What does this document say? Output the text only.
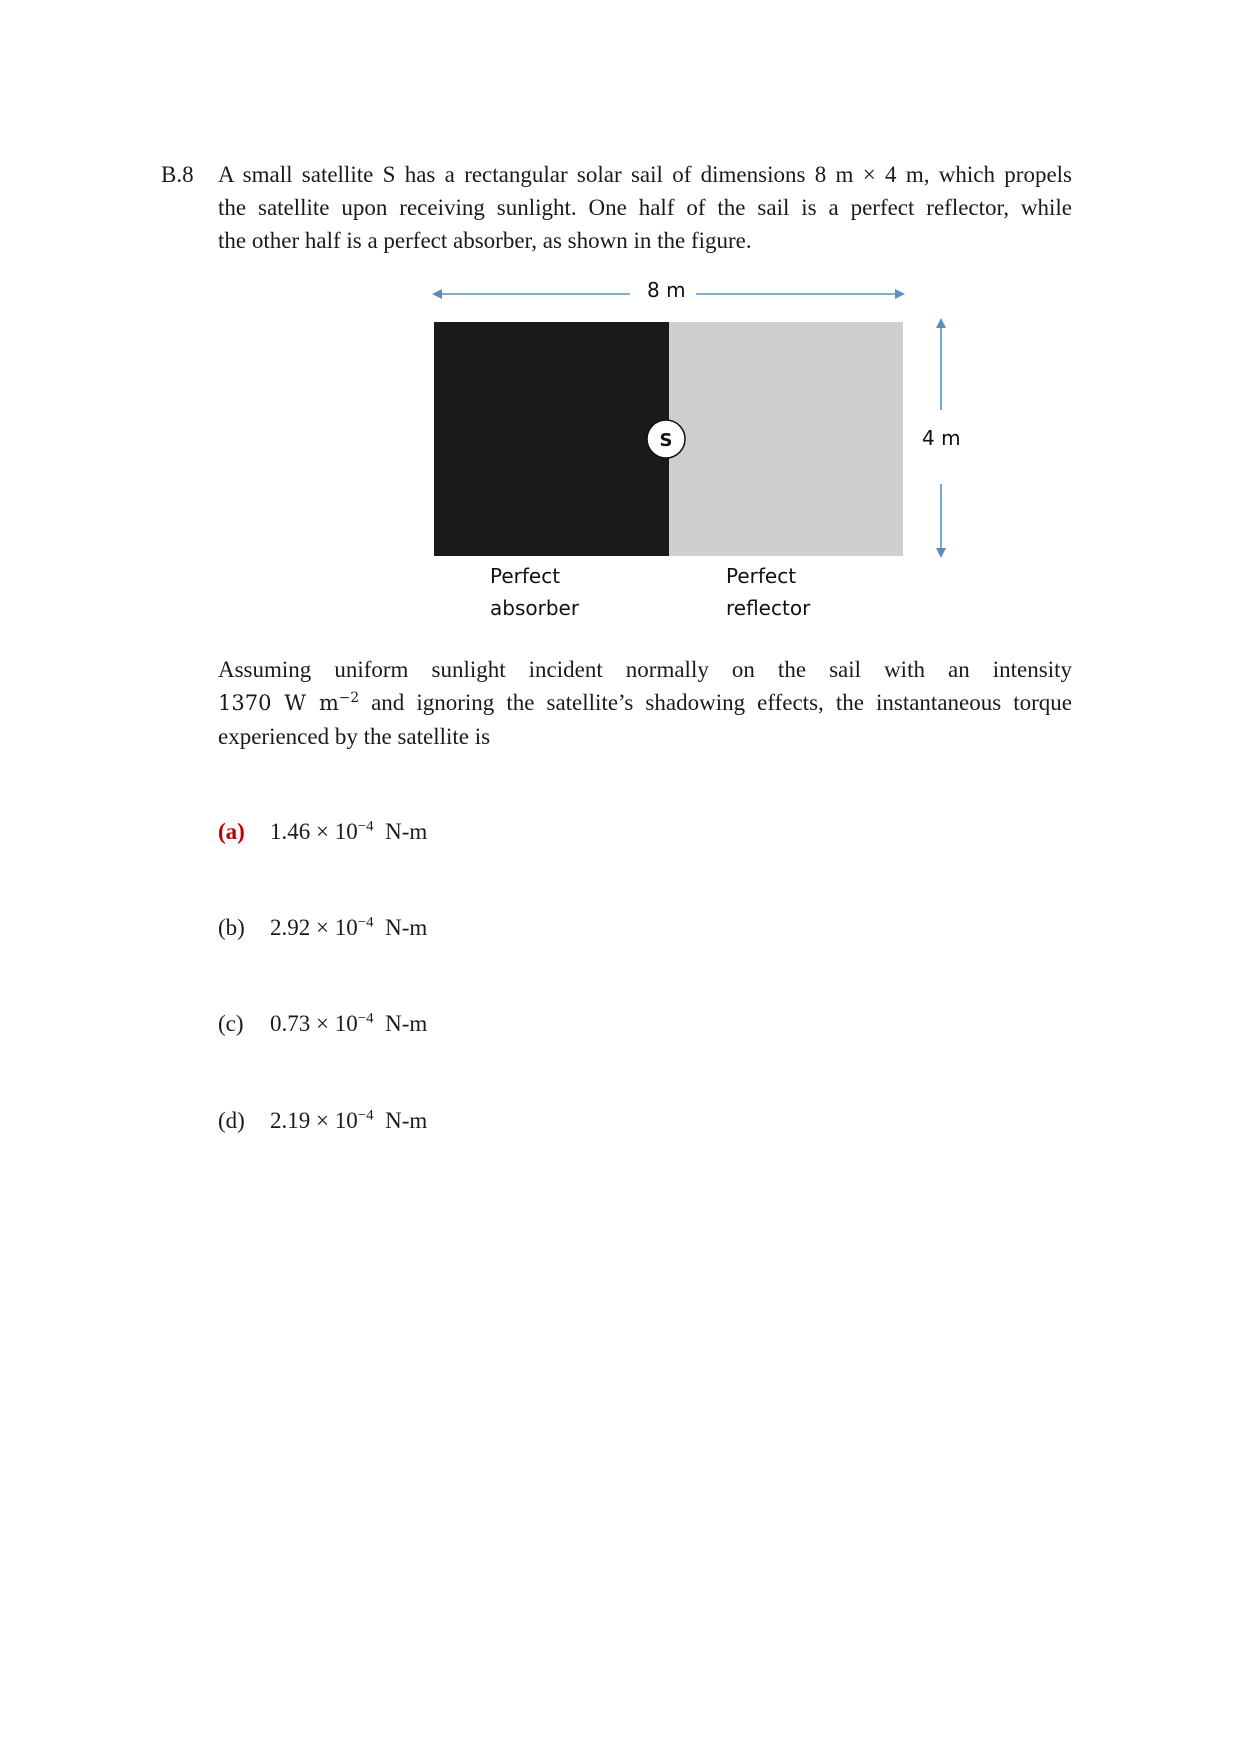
B.8 A small satellite S has a rectangular solar sail of dimensions 8 m × 4 m, which propels
the satellite upon receiving sunlight. One half of the sail is a perfect reflector, while
the other half is a perfect absorber, as shown in the figure.
S
8 m
4 m
Perfect
absorber
Perfect
reflector
Assuming uniform sunlight incident normally on the sail with an intensity
1370 W $m^{-2}$ and ignoring the satellite’s shadowing effects, the instantaneous torque
experienced by the satellite is
(a) $1.46 \times 10^{-4}$ N-m
(b) $2.92 \times 10^{-4}$ N-m
(c) $0.73 \times 10^{-4}$ N-m
(d) $2.19 \times 10^{-4}$ N-m
